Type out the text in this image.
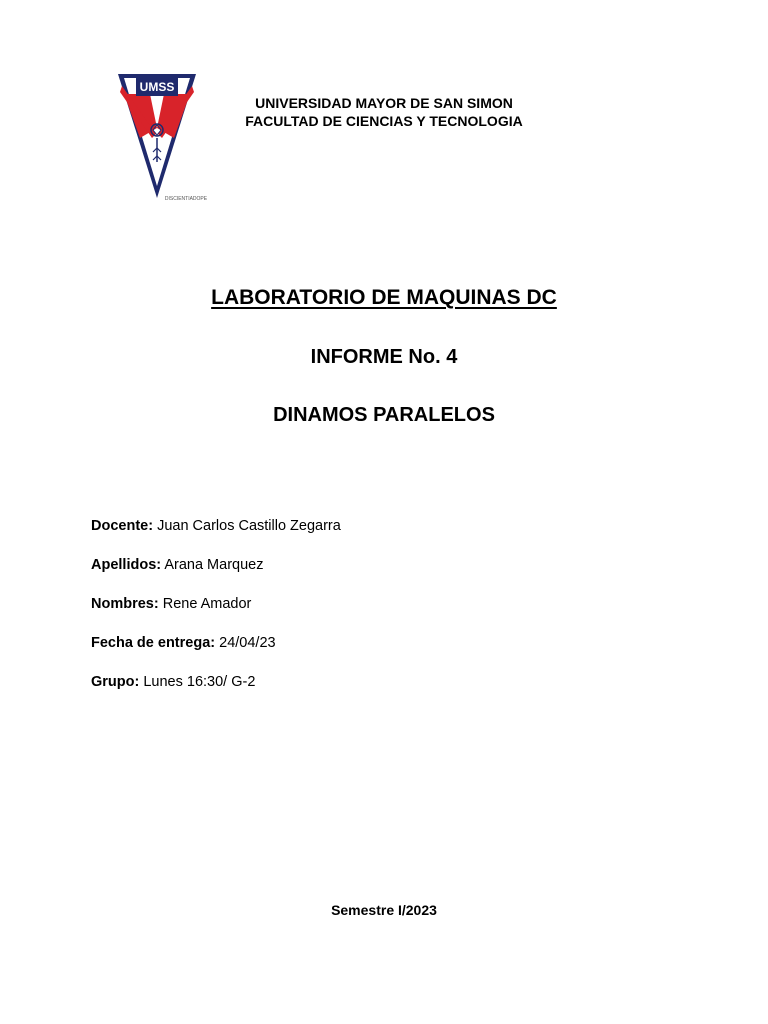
UMSS
DISCIENTIADOPE
UNIVERSIDAD MAYOR DE SAN SIMON
FACULTAD DE CIENCIAS Y TECNOLOGIA
LABORATORIO DE MAQUINAS DC
INFORME No. 4
DINAMOS PARALELOS
Docente: Juan Carlos Castillo Zegarra
Apellidos: Arana Marquez
Nombres: Rene Amador
Fecha de entrega: 24/04/23
Grupo: Lunes 16:30/ G-2
Semestre I/2023
